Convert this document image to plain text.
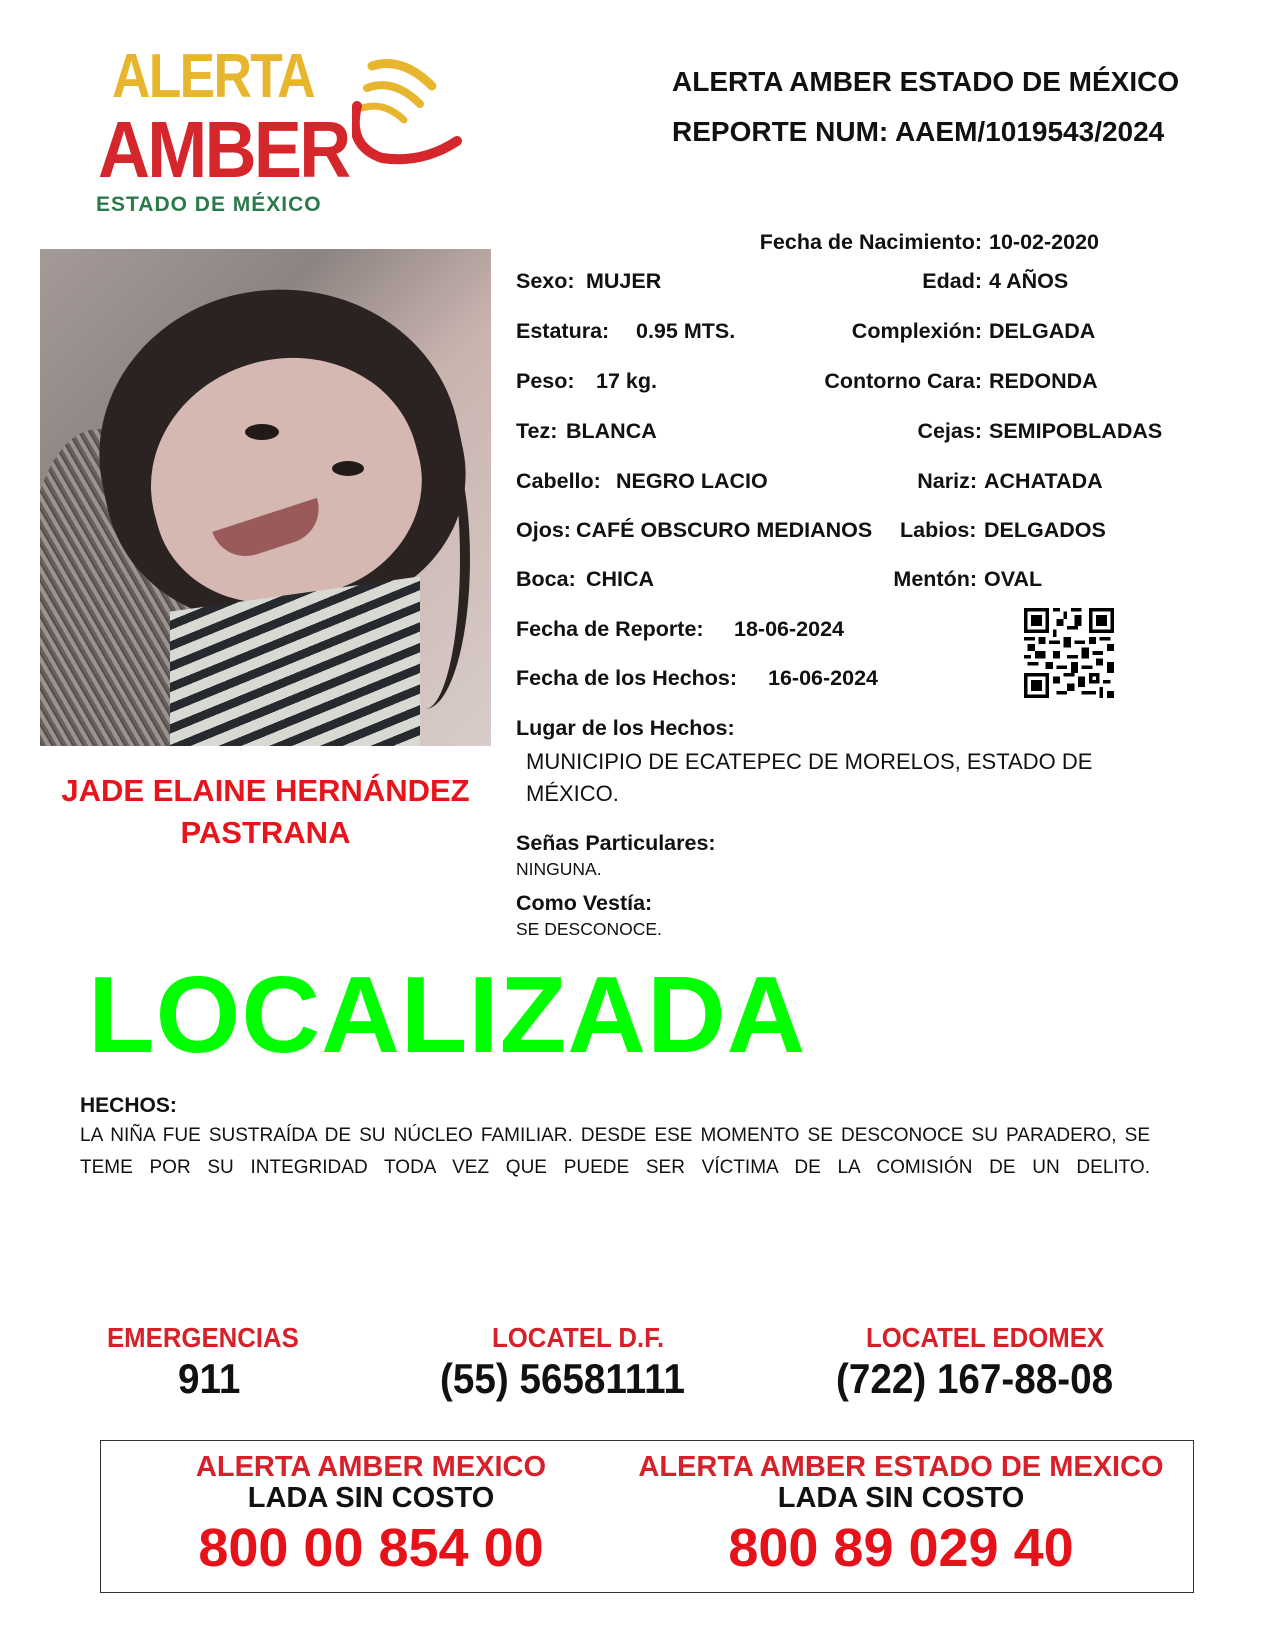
ALERTA
AMBER
ESTADO DE MÉXICO
ALERTA AMBER ESTADO DE MÉXICO
REPORTE NUM: AAEM/1019543/2024
JADE ELAINE HERNÁNDEZ
PASTRANA
Fecha de Nacimiento: 10-02-2020
Sexo: MUJER	Edad: 4 AÑOS
Estatura: 0.95 MTS.	Complexión: DELGADA
Peso: 17 kg.	Contorno Cara: REDONDA
Tez: BLANCA	Cejas: SEMIPOBLADAS
Cabello: NEGRO LACIO	Nariz: ACHATADA
Ojos: CAFÉ OBSCURO MEDIANOS Labios: DELGADOS
Boca: CHICA	Mentón: OVAL
Fecha de Reporte: 18-06-2024
Fecha de los Hechos: 16-06-2024
Lugar de los Hechos:
MUNICIPIO DE ECATEPEC DE MORELOS, ESTADO DE MÉXICO.
Señas Particulares:
NINGUNA.
Como Vestía:
SE DESCONOCE.
LOCALIZADA
HECHOS:
LA NIÑA FUE SUSTRAÍDA DE SU NÚCLEO FAMILIAR. DESDE ESE MOMENTO SE DESCONOCE SU PARADERO, SE TEME POR SU INTEGRIDAD TODA VEZ QUE PUEDE SER VÍCTIMA DE LA COMISIÓN DE UN DELITO.
EMERGENCIAS
911
LOCATEL D.F.
(55) 56581111
LOCATEL EDOMEX
(722) 167-88-08
ALERTA AMBER MEXICO
LADA SIN COSTO
800 00 854 00
ALERTA AMBER ESTADO DE MEXICO
LADA SIN COSTO
800 89 029 40
